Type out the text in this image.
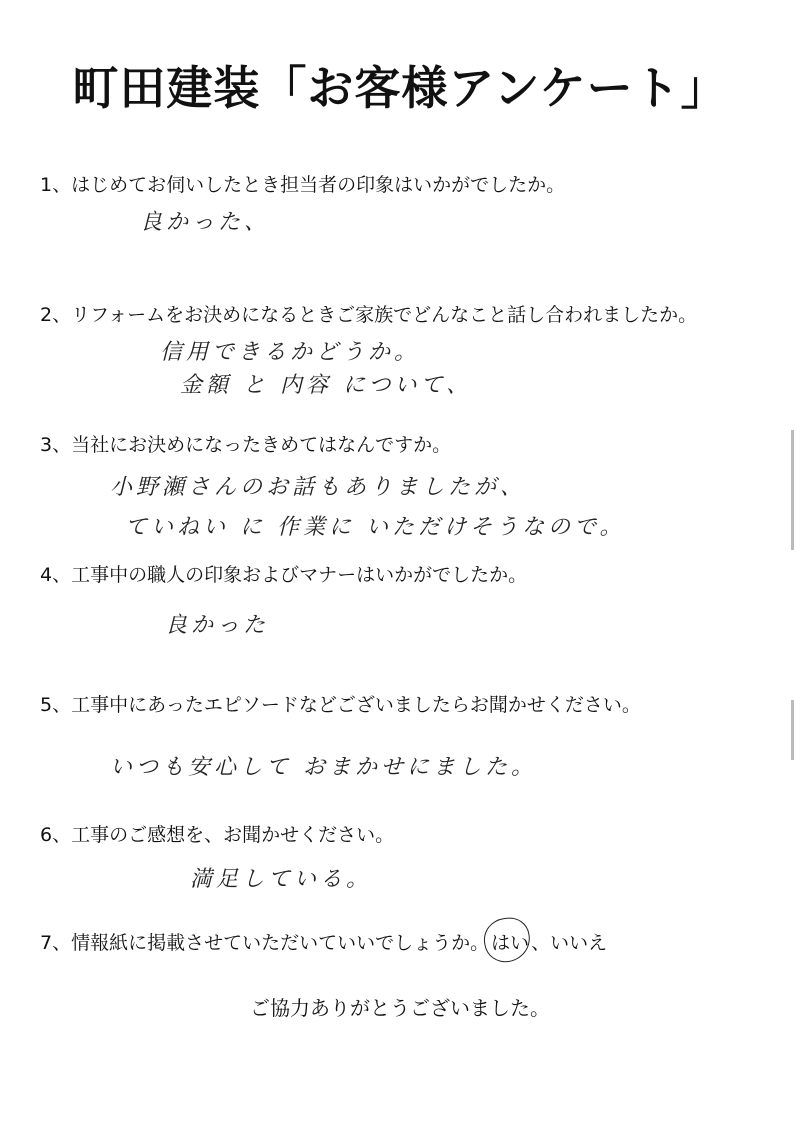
町田建装「お客様アンケート」
1、はじめてお伺いしたとき担当者の印象はいかがでしたか。
良かった、
2、リフォームをお決めになるときご家族でどんなこと話し合われましたか。
信用できるかどうか。
金額 と 内容 について、
3、当社にお決めになったきめてはなんですか。
小野瀬さんのお話もありましたが、
ていねい に 作業に いただけそうなので。
4、工事中の職人の印象およびマナーはいかがでしたか。
良かった
5、工事中にあったエピソードなどございましたらお聞かせください。
いつも安心して おまかせにました。
6、工事のご感想を、お聞かせください。
満足している。
7、情報紙に掲載させていただいていいでしょうか。 はい 、 いいえ
ご協力ありがとうございました。
